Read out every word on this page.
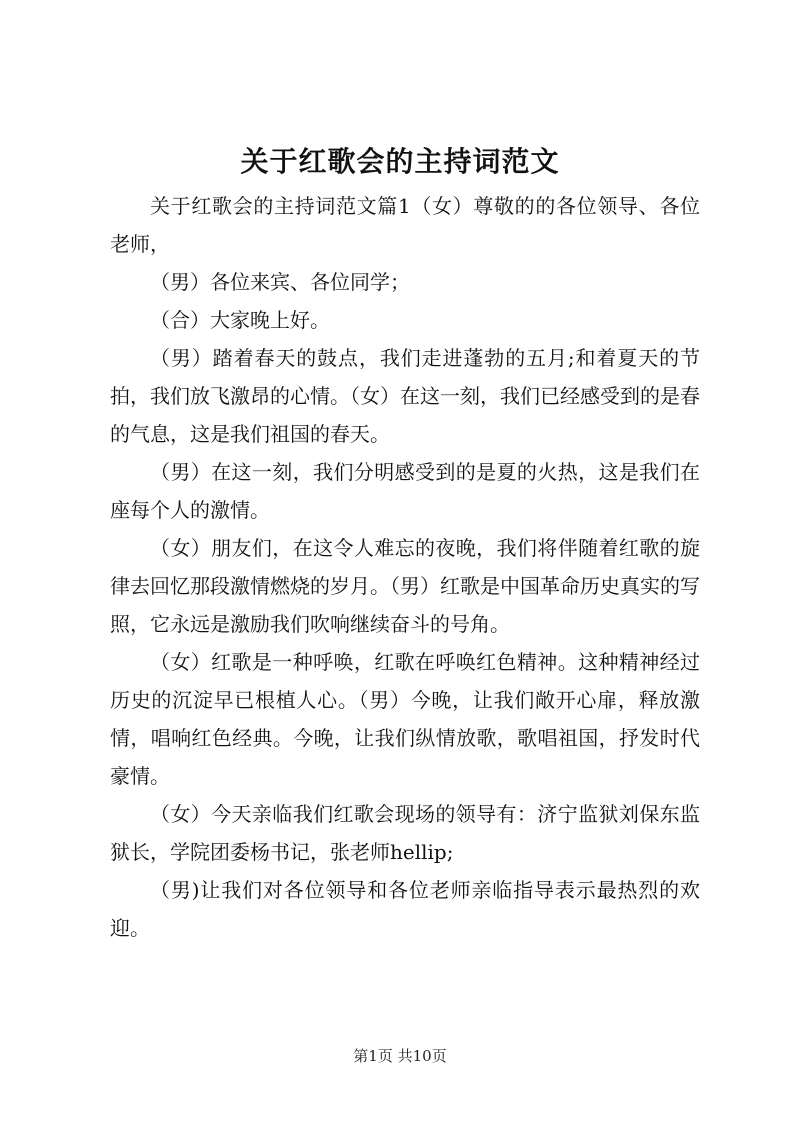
关于红歌会的主持词范文

关于红歌会的主持词范文篇1（女）尊敬的的各位领导、各位老师，

（男）各位来宾、各位同学；

（合）大家晚上好。

（男）踏着春天的鼓点，我们走进蓬勃的五月;和着夏天的节拍，我们放飞激昂的心情。（女）在这一刻，我们已经感受到的是春的气息，这是我们祖国的春天。

（男）在这一刻，我们分明感受到的是夏的火热，这是我们在座每个人的激情。

（女）朋友们，在这令人难忘的夜晚，我们将伴随着红歌的旋律去回忆那段激情燃烧的岁月。（男）红歌是中国革命历史真实的写照，它永远是激励我们吹响继续奋斗的号角。

（女）红歌是一种呼唤，红歌在呼唤红色精神。这种精神经过历史的沉淀早已根植人心。（男）今晚，让我们敞开心扉，释放激情，唱响红色经典。今晚，让我们纵情放歌，歌唱祖国，抒发时代豪情。

（女）今天亲临我们红歌会现场的领导有：济宁监狱刘保东监狱长，学院团委杨书记，张老师hellip;

（男)让我们对各位领导和各位老师亲临指导表示最热烈的欢迎。

第1页 共10页
